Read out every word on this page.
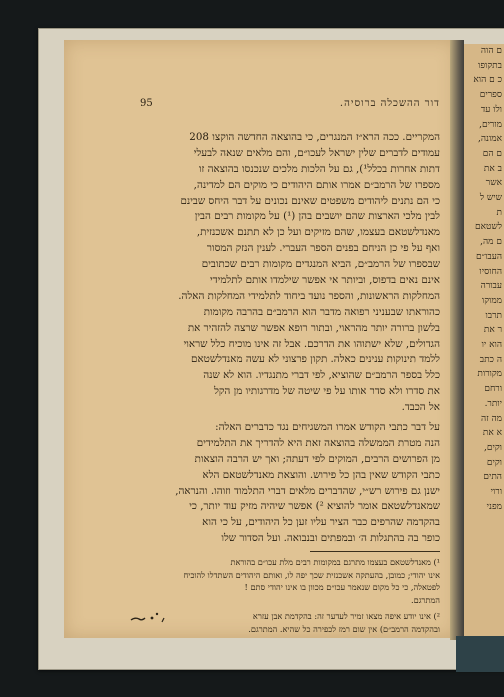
ם הוה
בתקופו
כ ם הוא
ספרים
ולו עד
מורים,
אמונה,
ם הם
ב את
אשר
שיש ל
ת
לשטאם
ם מה,
העבו״ם
החוסיו
עבורה
ממוקו
תרבו
ר את
הוא יו
ה כתב
מקורות
ורחם
יותר.
מה זה
א את
וקים,
וקים
התים
ורוי
מפני
דור ההשכלה ברוסיה.
95
המקריים. ככה הרא״ז המנגרים, כי בהוצאה החדשה הוקצו 208
עמודים לדברים שלין ישראל לעכו״ם, והם מלאים שנאה לבעלי
דתות אחרות בכלל¹), גם על הלכות מלכים שנכנסו בהוצאה זו
מספרו של הרמב״ם אמרו אותם היהודים כי מוקים הם למדינה,
כי הם נתנים ליהודים משפטים שאינם נכונים על דבר היחס שבינם
לבין מלכי הארצות שהם יושבים בהן (¹) על מקומות רבים הבין
מאנדלשטאם בעצמו, שהם מזיקים ועל כן לא תתנם אשכנזית,
ואף על פי כן הניחם בפנים הספר העברי. לענין הנזק המסור
שבספרו של הרמב״ם, הביא המנגדים מקומות רבים שכתובים
אינם נאים בדפוס, וביותר אי אפשר שילמדו אותם לתלמידי
המחלקות הראשונות, והספר נועד ביחוד לתלמידי המחלקות האלה.
כהוראתו שבעניני רפואה מדבר הוא הרמב״ם בהרבה מקומות
בלשון ברורה יותר מהראוי, ובתור רופא אפשר שרצה להזהיר את
הגדולים, שלא ישתוהו את הדרכם. אבל זה אינו מוכיח כלל שראוי
ללמד תינוקות ענינים כאלה. תקון פרצוני לא עשה מאנדלשטאם
כלל בספר הרמב״ם שהוציא, לפי דברי מתנגדיו. הוא לא שנה
את סדרו ולא סדר אותו על פי שיטה של מדרגותיו מן הקל
אל הכבד.
על דבר כתבי הקודש אמרו המשגיחים נגד כדברים האלה:
הנה מטרת הממשלה בהוצאה זאת היא להדריך את התלמידים
מן הפרושים הרבים, המוקים לפי דעתה; ואך יש הרבה הוצאות
כתבי הקודש שאין בהן כל פירוש. והוצאת מאנדלשטאם הלא
ישנן גם פירוש רש״י, שהדברים מלאים דברי התלמוד וזוהו. והנראה,
שמאנדלשטאם אומר להוציא ²) אפשר שיהיה מזיק עוד יותר, כי
בהקדמה שהרפים כבר הציר עליו זען כל היהודים, על כי הוא
כופר בה בהתגלות ה׳ ובמפתים ובנבואה. ועל הסדור שלו
¹) מאנדלשטאם בעצמו מתרגם במקומות רבים מלת עכו״ם בהוראת
אינו יהודי; כמובן, בהעתקה אשכנזית שכך יפה לו, ואותם היהודים השתדלו להוכיח
לפטאלה, כי כל מקום שנאמר עכו״ם מכוון בו אינו יהודי סתם !
המתרגם.
²) אינו יודע איפה מצאו זמיר לעדער זה: בהקדמת אבן עזרא
ובהקדמה הרמב״ם) אין שום רמז לכפירה כל שהיא. המתרגם.
